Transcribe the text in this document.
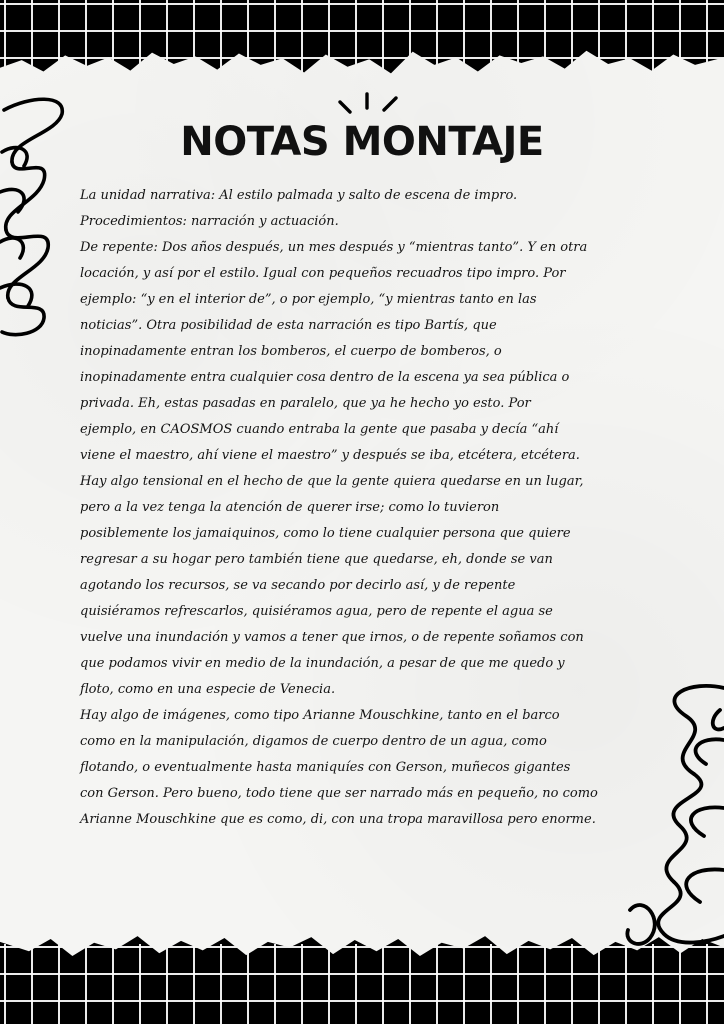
NOTAS MONTAJE
La unidad narrativa: Al estilo palmada y salto de escena de impro.
Procedimientos: narración y actuación.
De repente: Dos años después, un mes después y “mientras tanto”. Y en otra
locación, y así por el estilo. Igual con pequeños recuadros tipo impro. Por
ejemplo: “y en el interior de”, o por ejemplo, “y mientras tanto en las
noticias”. Otra posibilidad de esta narración es tipo Bartís, que
inopinadamente entran los bomberos, el cuerpo de bomberos, o
inopinadamente entra cualquier cosa dentro de la escena ya sea pública o
privada. Eh, estas pasadas en paralelo, que ya he hecho yo esto. Por
ejemplo, en CAOSMOS cuando entraba la gente que pasaba y decía “ahí
viene el maestro, ahí viene el maestro” y después se iba, etcétera, etcétera.
Hay algo tensional en el hecho de que la gente quiera quedarse en un lugar,
pero a la vez tenga la atención de querer irse; como lo tuvieron
posiblemente los jamaiquinos, como lo tiene cualquier persona que quiere
regresar a su hogar pero también tiene que quedarse, eh, donde se van
agotando los recursos, se va secando por decirlo así, y de repente
quisiéramos refrescarlos, quisiéramos agua, pero de repente el agua se
vuelve una inundación y vamos a tener que irnos, o de repente soñamos con
que podamos vivir en medio de la inundación, a pesar de que me quedo y
floto, como en una especie de Venecia.
Hay algo de imágenes, como tipo Arianne Mouschkine, tanto en el barco
como en la manipulación, digamos de cuerpo dentro de un agua, como
flotando, o eventualmente hasta maniquíes con Gerson, muñecos gigantes
con Gerson. Pero bueno, todo tiene que ser narrado más en pequeño, no como
Arianne Mouschkine que es como, di, con una tropa maravillosa pero enorme.
